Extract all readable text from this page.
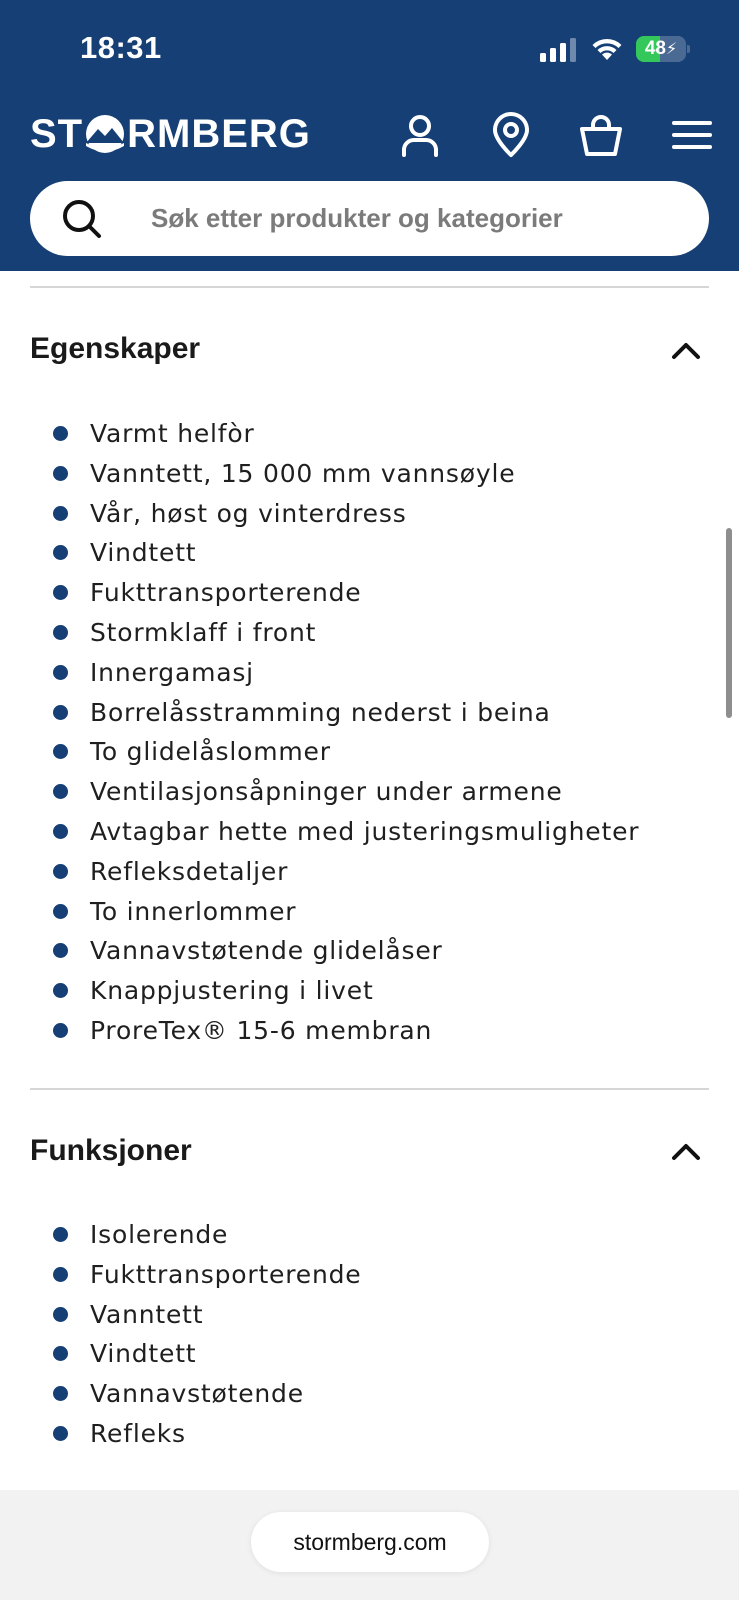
18:31	48⚡
ST RMBERG
Søk etter produkter og kategorier
Egenskaper
Varmt helfòr
Vanntett, 15 000 mm vannsøyle
Vår, høst og vinterdress
Vindtett
Fukttransporterende
Stormklaff i front
Innergamasj
Borrelåsstramming nederst i beina
To glidelåslommer
Ventilasjonsåpninger under armene
Avtagbar hette med justeringsmuligheter
Refleksdetaljer
To innerlommer
Vannavstøtende glidelåser
Knappjustering i livet
ProreTex® 15-6 membran
Funksjoner
Isolerende
Fukttransporterende
Vanntett
Vindtett
Vannavstøtende
Refleks
stormberg.com
